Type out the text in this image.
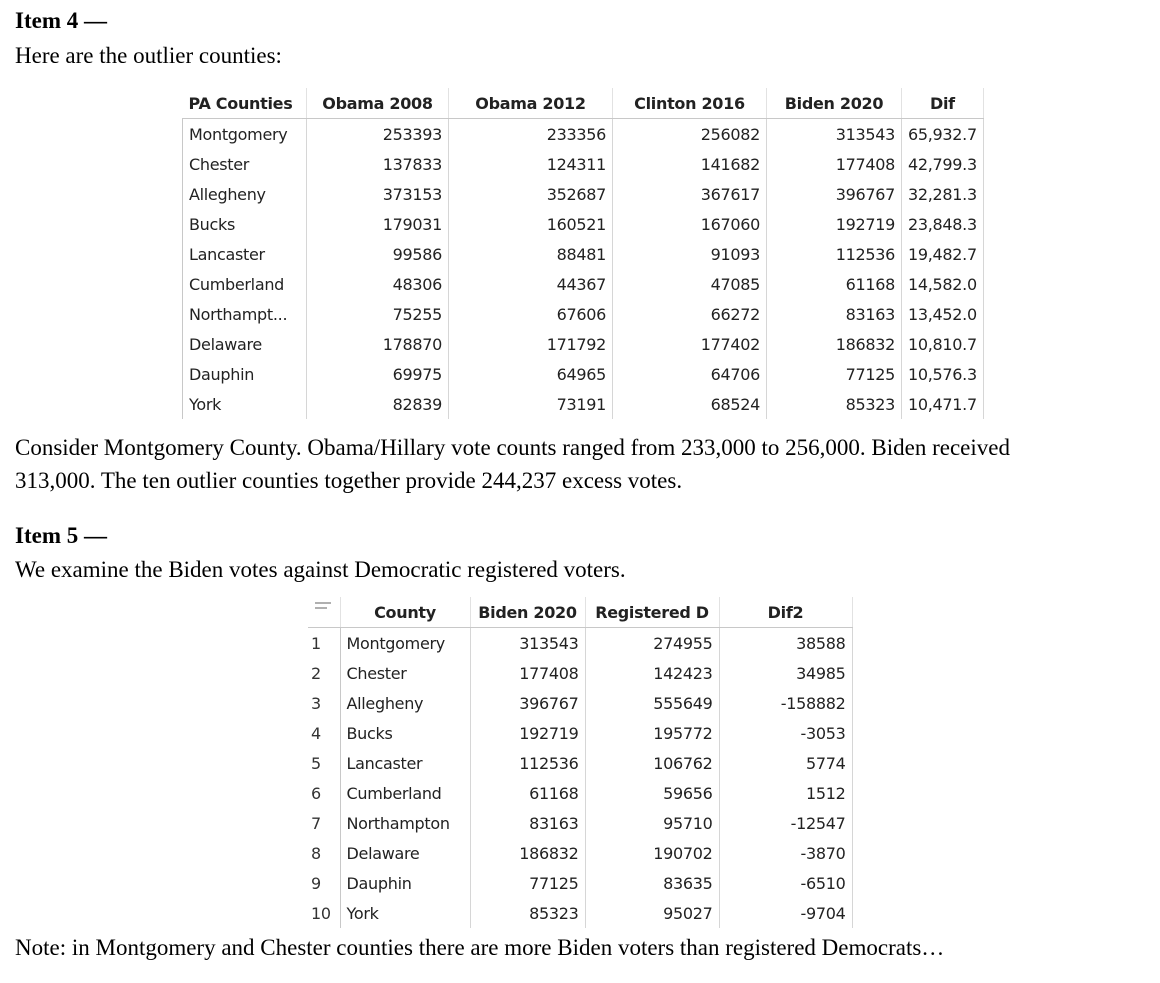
Item 4 —
Here are the outlier counties:
PA Counties	Obama 2008	Obama 2012	Clinton 2016	Biden 2020	Dif
Montgomery	253393	233356	256082	313543	65,932.7
Chester	137833	124311	141682	177408	42,799.3
Allegheny	373153	352687	367617	396767	32,281.3
Bucks	179031	160521	167060	192719	23,848.3
Lancaster	99586	88481	91093	112536	19,482.7
Cumberland	48306	44367	47085	61168	14,582.0
Northampt...	75255	67606	66272	83163	13,452.0
Delaware	178870	171792	177402	186832	10,810.7
Dauphin	69975	64965	64706	77125	10,576.3
York	82839	73191	68524	85323	10,471.7
Consider Montgomery County. Obama/Hillary vote counts ranged from 233,000 to 256,000. Biden received
313,000. The ten outlier counties together provide 244,237 excess votes.
Item 5 —
We examine the Biden votes against Democratic registered voters.
	County	Biden 2020	Registered D	Dif2
1	Montgomery	313543	274955	38588
2	Chester	177408	142423	34985
3	Allegheny	396767	555649	-158882
4	Bucks	192719	195772	-3053
5	Lancaster	112536	106762	5774
6	Cumberland	61168	59656	1512
7	Northampton	83163	95710	-12547
8	Delaware	186832	190702	-3870
9	Dauphin	77125	83635	-6510
10	York	85323	95027	-9704
Note: in Montgomery and Chester counties there are more Biden voters than registered Democrats…
